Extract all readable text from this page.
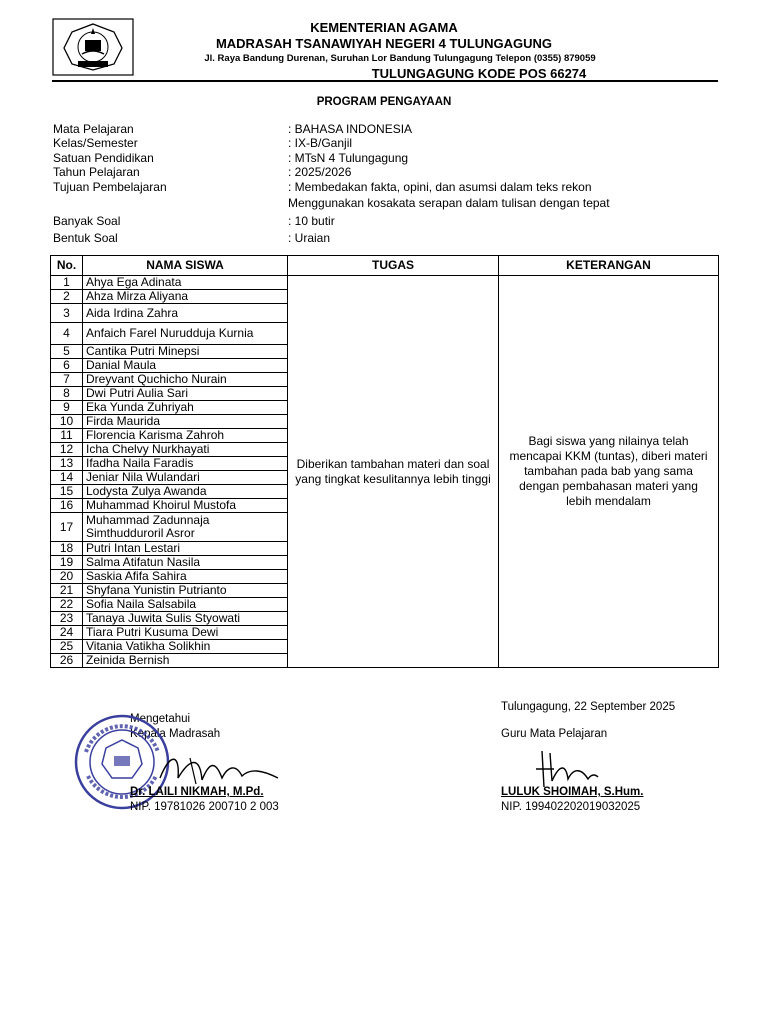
KEMENTERIAN AGAMA
MADRASAH TSANAWIYAH NEGERI 4 TULUNGAGUNG
Jl. Raya Bandung Durenan, Suruhan Lor Bandung Tulungagung Telepon (0355) 879059
TULUNGAGUNG KODE POS 66274
PROGRAM PENGAYAAN
Mata Pelajaran	: BAHASA INDONESIA
Kelas/Semester	: IX-B/Ganjil
Satuan Pendidikan	: MTsN 4 Tulungagung
Tahun Pelajaran	: 2025/2026
Tujuan Pembelajaran	: Membedakan fakta, opini, dan asumsi dalam teks rekon
Menggunakan kosakata serapan dalam tulisan dengan tepat
Banyak Soal	: 10 butir
Bentuk Soal	: Uraian
No.	NAMA SISWA	TUGAS	KETERANGAN
1	Ahya Ega Adinata	Diberikan tambahan materi dan soal yang tingkat kesulitannya lebih tinggi	Bagi siswa yang nilainya telah mencapai KKM (tuntas), diberi materi tambahan pada bab yang sama dengan pembahasan materi yang lebih mendalam
2	Ahza Mirza Aliyana		
3	Aida Irdina Zahra		
4	Anfaich Farel Nurudduja Kurnia		
5	Cantika Putri Minepsi		
6	Danial Maula		
7	Dreyvant Quchicho Nurain		
8	Dwi Putri Aulia Sari		
9	Eka Yunda Zuhriyah		
10	Firda Maurida		
11	Florencia Karisma Zahroh		
12	Icha Chelvy Nurkhayati		
13	Ifadha Naila Faradis		
14	Jeniar Nila Wulandari		
15	Lodysta Zulya Awanda		
16	Muhammad Khoirul Mustofa		
17	Muhammad Zadunnaja Simthudduroril Asror		
18	Putri Intan Lestari		
19	Salma Atifatun Nasila		
20	Saskia Afifa Sahira		
21	Shyfana Yunistin Putrianto		
22	Sofia Naila Salsabila		
23	Tanaya Juwita Sulis Styowati		
24	Tiara Putri Kusuma Dewi		
25	Vitania Vatikha Solikhin		
26	Zeinida Bernish		
Tulungagung, 22 September 2025
Mengetahui
Kepala Madrasah	Guru Mata Pelajaran
Dr. LAILI NIKMAH, M.Pd.
NIP. 19781026 200710 2 003
LULUK SHOIMAH, S.Hum.
NIP. 199402202019032025
